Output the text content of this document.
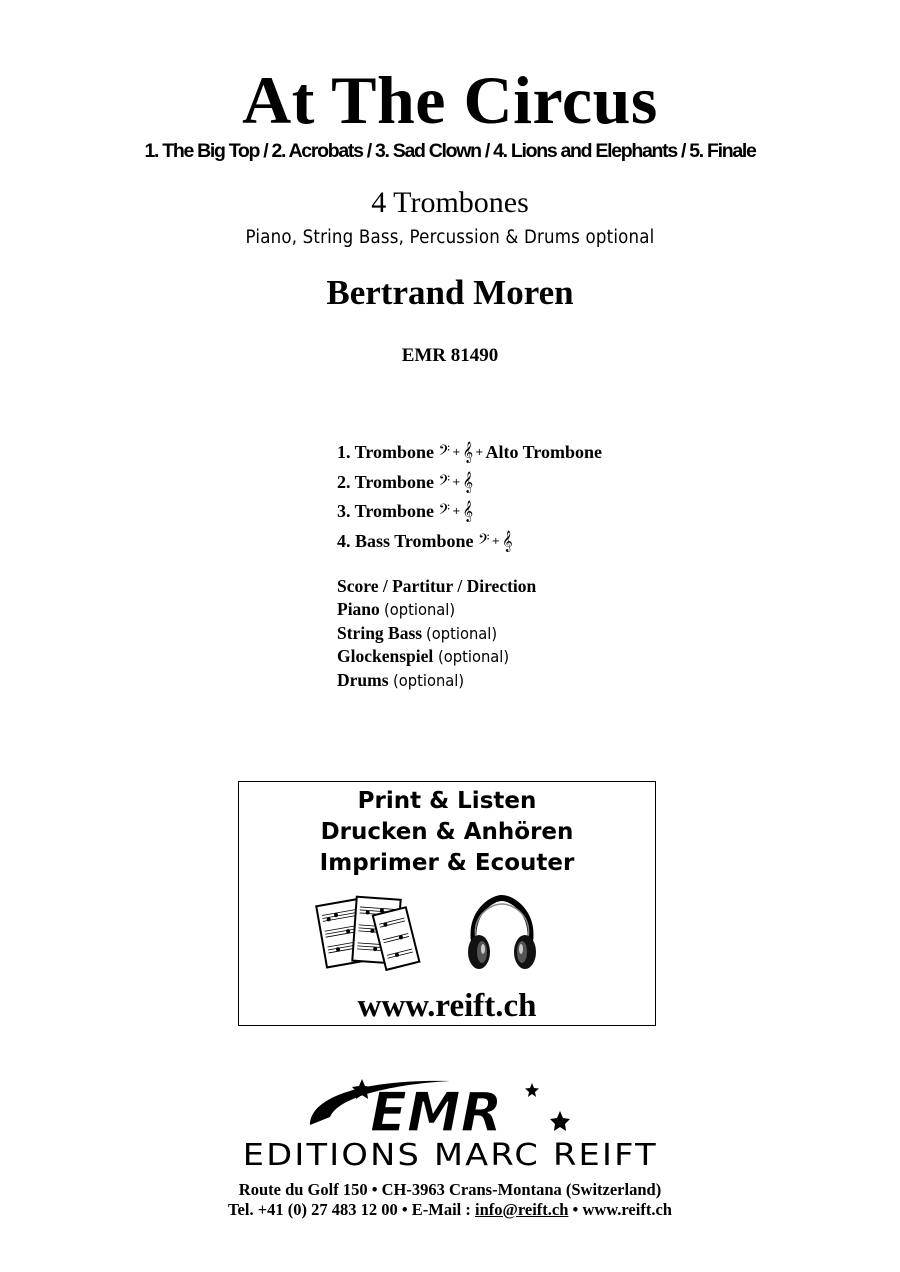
At The Circus
1. The Big Top / 2. Acrobats / 3. Sad Clown / 4. Lions and Elephants / 5. Finale
4 Trombones
Piano, String Bass, Percussion & Drums optional
Bertrand Moren
EMR 81490
1. Trombone 𝄢 + 𝄞 + Alto Trombone
2. Trombone 𝄢 + 𝄞
3. Trombone 𝄢 + 𝄞
4. Bass Trombone 𝄢 + 𝄞
Score / Partitur / Direction
Piano (optional)
String Bass (optional)
Glockenspiel (optional)
Drums (optional)
Print & Listen
Drucken & Anhören
Imprimer & Ecouter
www.reift.ch
EMR
EDITIONS MARC REIFT
Route du Golf 150 • CH-3963 Crans-Montana (Switzerland)
Tel. +41 (0) 27 483 12 00 • E-Mail : info@reift.ch • www.reift.ch
